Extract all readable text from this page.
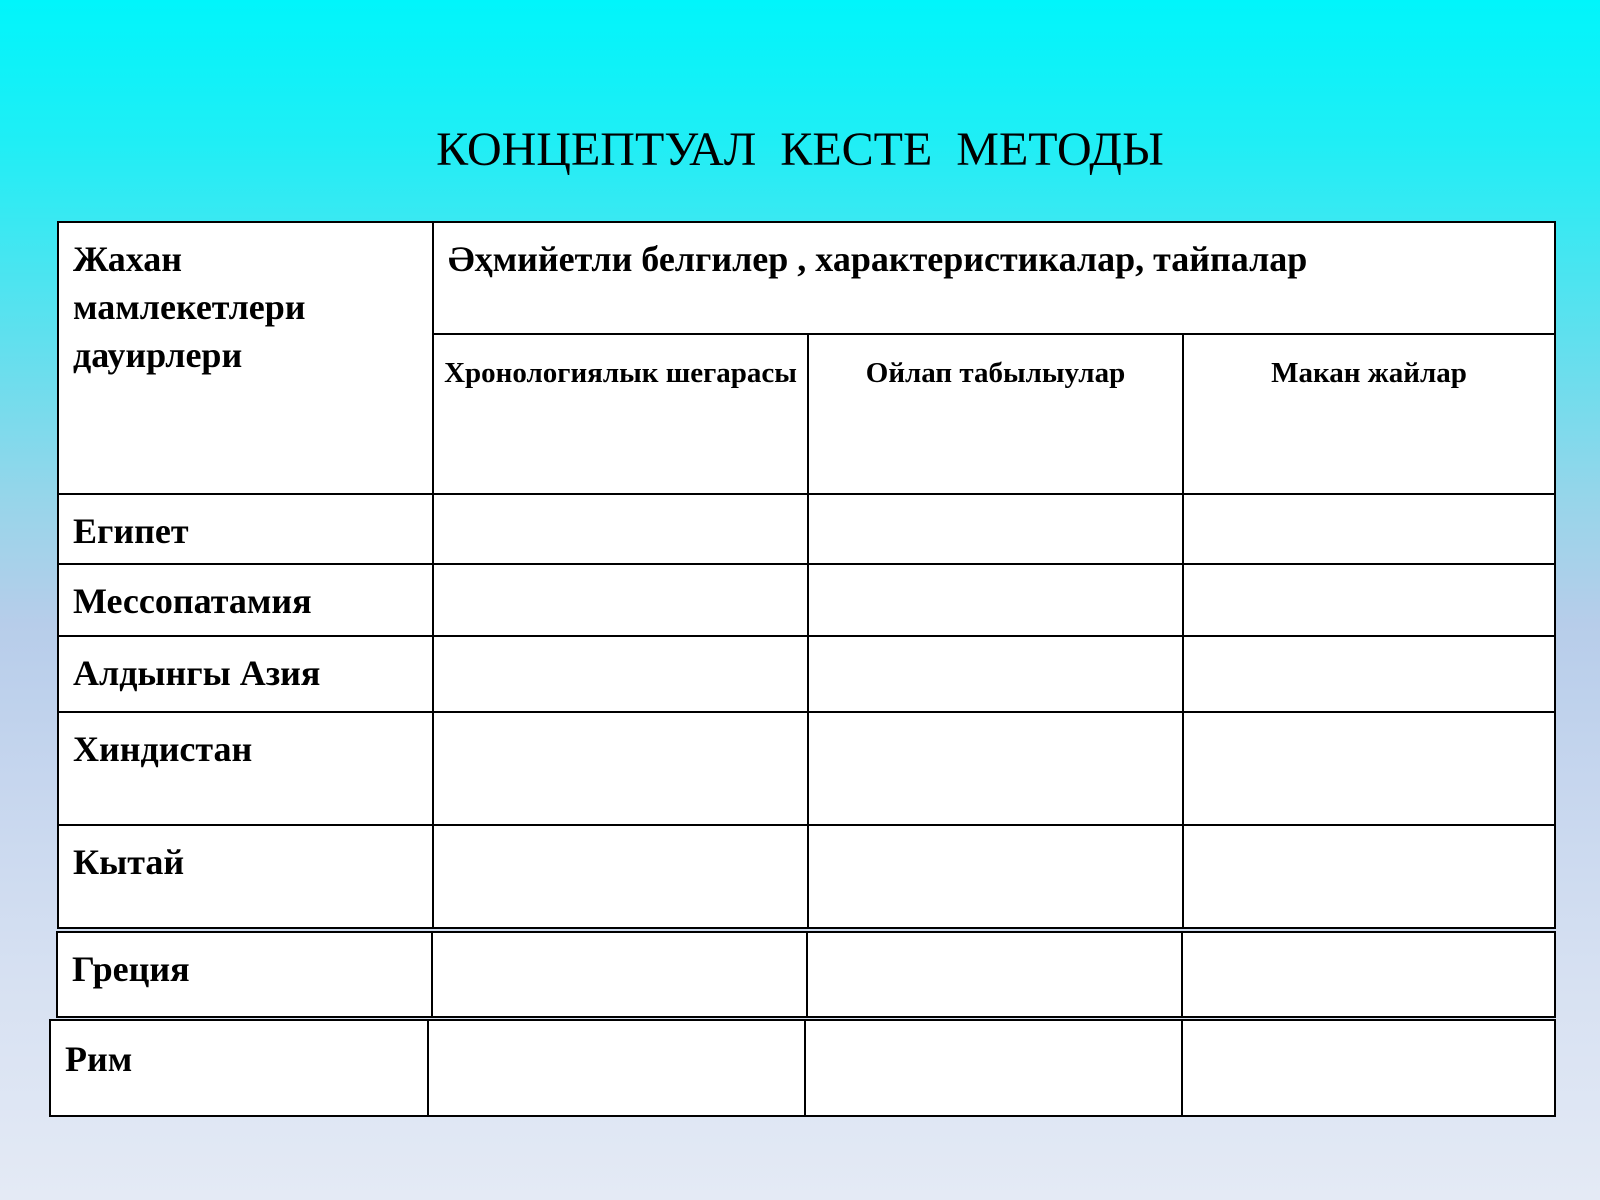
КОНЦЕПТУАЛ  КЕСТЕ  МЕТОДЫ
Жахан мамлекетлери дауирлери
Әҳмийетли белгилер , характеристикалар, тайпалар
Хронологиялык шегарасы	Ойлап табылыулар	Макан жайлар
Египет
Мессопатамия
Алдынгы Азия
Хиндистан
Кытай
Греция
Рим
